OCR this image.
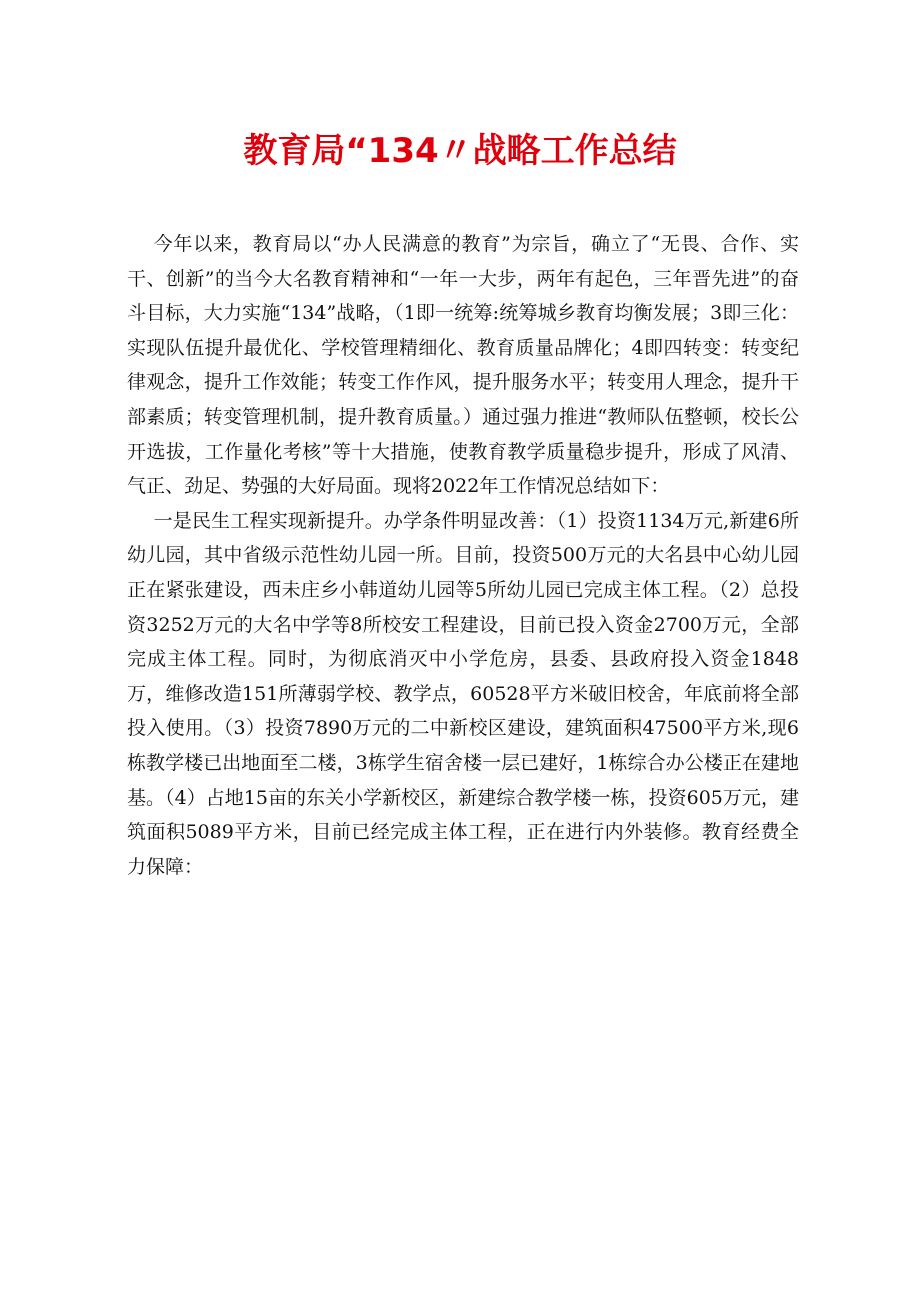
教育局“134〃战略工作总结

今年以来，教育局以“办人民满意的教育”为宗旨，确立了“无畏、合作、实干、创新”的当今大名教育精神和“一年一大步，两年有起色，三年晋先进”的奋斗目标，大力实施“134”战略，（1即一统筹:统筹城乡教育均衡发展；3即三化：实现队伍提升最优化、学校管理精细化、教育质量品牌化；4即四转变：转变纪律观念，提升工作效能；转变工作作风，提升服务水平；转变用人理念，提升干部素质；转变管理机制，提升教育质量。）通过强力推进“教师队伍整顿，校长公开选拔，工作量化考核”等十大措施，使教育教学质量稳步提升，形成了风清、气正、劲足、势强的大好局面。现将2022年工作情况总结如下：

一是民生工程实现新提升。办学条件明显改善：（1）投资1134万元,新建6所幼儿园，其中省级示范性幼儿园一所。目前，投资500万元的大名县中心幼儿园正在紧张建设，西未庄乡小韩道幼儿园等5所幼儿园已完成主体工程。（2）总投资3252万元的大名中学等8所校安工程建设，目前已投入资金2700万元，全部完成主体工程。同时，为彻底消灭中小学危房，县委、县政府投入资金1848万，维修改造151所薄弱学校、教学点，60528平方米破旧校舍，年底前将全部投入使用。（3）投资7890万元的二中新校区建设，建筑面积47500平方米,现6栋教学楼已出地面至二楼，3栋学生宿舍楼一层已建好，1栋综合办公楼正在建地基。（4）占地15亩的东关小学新校区，新建综合教学楼一栋，投资605万元，建筑面积5089平方米，目前已经完成主体工程，正在进行内外装修。教育经费全力保障：
